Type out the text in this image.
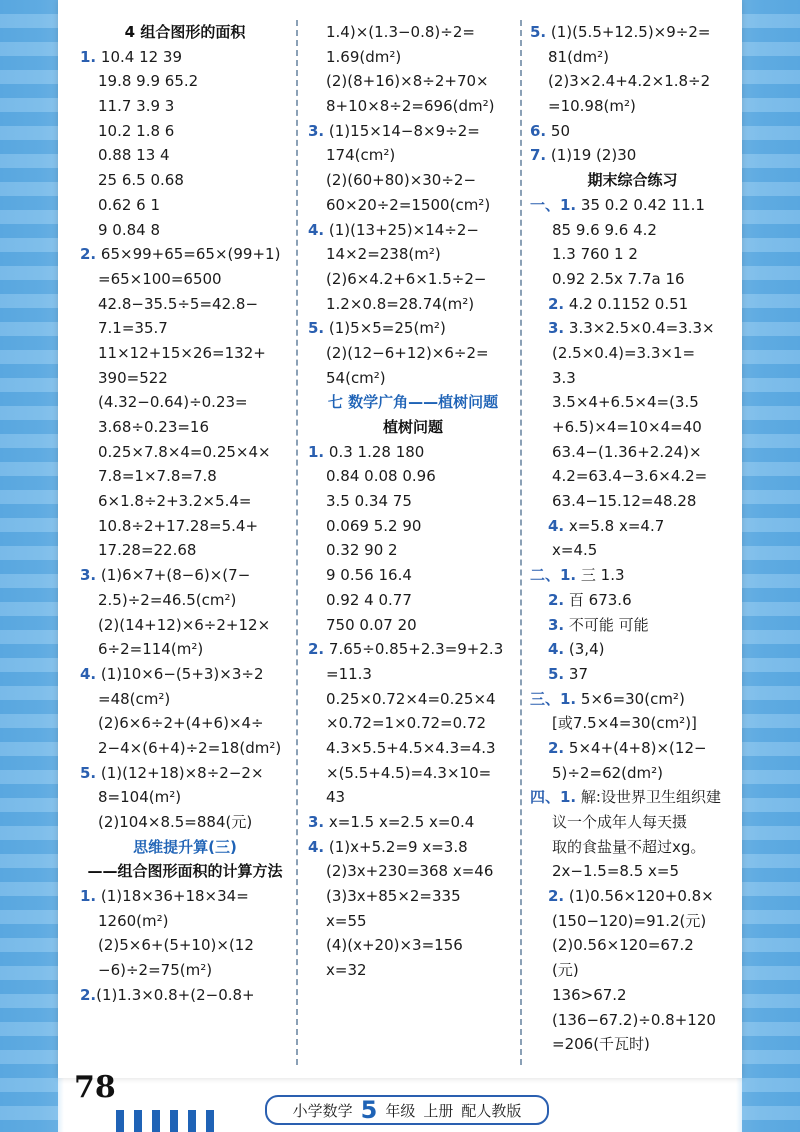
4 组合图形的面积
1. 10.4 12 39
19.8 9.9 65.2
11.7 3.9 3
10.2 1.8 6
0.88 13 4
25 6.5 0.68
0.62 6 1
9 0.84 8
2. 65×99+65=65×(99+1)
=65×100=6500
42.8−35.5÷5=42.8−
7.1=35.7
11×12+15×26=132+
390=522
(4.32−0.64)÷0.23=
3.68÷0.23=16
0.25×7.8×4=0.25×4×
7.8=1×7.8=7.8
6×1.8÷2+3.2×5.4=
10.8÷2+17.28=5.4+
17.28=22.68
3. (1)6×7+(8−6)×(7−
2.5)÷2=46.5(cm²)
(2)(14+12)×6÷2+12×
6÷2=114(m²)
4. (1)10×6−(5+3)×3÷2
=48(cm²)
(2)6×6÷2+(4+6)×4÷
2−4×(6+4)÷2=18(dm²)
5. (1)(12+18)×8÷2−2×
8=104(m²)
(2)104×8.5=884(元)
思维提升算(三)
——组合图形面积的计算方法
1. (1)18×36+18×34=
1260(m²)
(2)5×6+(5+10)×(12
−6)÷2=75(m²)
2.(1)1.3×0.8+(2−0.8+
1.4)×(1.3−0.8)÷2=
1.69(dm²)
(2)(8+16)×8÷2+70×
8+10×8÷2=696(dm²)
3. (1)15×14−8×9÷2=
174(cm²)
(2)(60+80)×30÷2−
60×20÷2=1500(cm²)
4. (1)(13+25)×14÷2−
14×2=238(m²)
(2)6×4.2+6×1.5÷2−
1.2×0.8=28.74(m²)
5. (1)5×5=25(m²)
(2)(12−6+12)×6÷2=
54(cm²)
七 数学广角——植树问题
植树问题
1. 0.3 1.28 180
0.84 0.08 0.96
3.5 0.34 75
0.069 5.2 90
0.32 90 2
9 0.56 16.4
0.92 4 0.77
750 0.07 20
2. 7.65÷0.85+2.3=9+2.3
=11.3
0.25×0.72×4=0.25×4
×0.72=1×0.72=0.72
4.3×5.5+4.5×4.3=4.3
×(5.5+4.5)=4.3×10=
43
3. x=1.5 x=2.5 x=0.4
4. (1)x+5.2=9 x=3.8
(2)3x+230=368 x=46
(3)3x+85×2=335
x=55
(4)(x+20)×3=156
x=32
5. (1)(5.5+12.5)×9÷2=
81(dm²)
(2)3×2.4+4.2×1.8÷2
=10.98(m²)
6. 50
7. (1)19 (2)30
期末综合练习
一、1. 35 0.2 0.42 11.1
85 9.6 9.6 4.2
1.3 760 1 2
0.92 2.5x 7.7a 16
2. 4.2 0.1152 0.51
3. 3.3×2.5×0.4=3.3×
(2.5×0.4)=3.3×1=
3.3
3.5×4+6.5×4=(3.5
+6.5)×4=10×4=40
63.4−(1.36+2.24)×
4.2=63.4−3.6×4.2=
63.4−15.12=48.28
4. x=5.8 x=4.7
x=4.5
二、1. 三 1.3
2. 百 673.6
3. 不可能 可能
4. (3,4)
5. 37
三、1. 5×6=30(cm²)
[或7.5×4=30(cm²)]
2. 5×4+(4+8)×(12−
5)÷2=62(dm²)
四、1. 解:设世界卫生组织建
议一个成年人每天摄
取的食盐量不超过xg。
2x−1.5=8.5 x=5
2. (1)0.56×120+0.8×
(150−120)=91.2(元)
(2)0.56×120=67.2
(元)
136>67.2
(136−67.2)÷0.8+120
=206(千瓦时)
78
小学数学 5 年级 上册 配人教版
